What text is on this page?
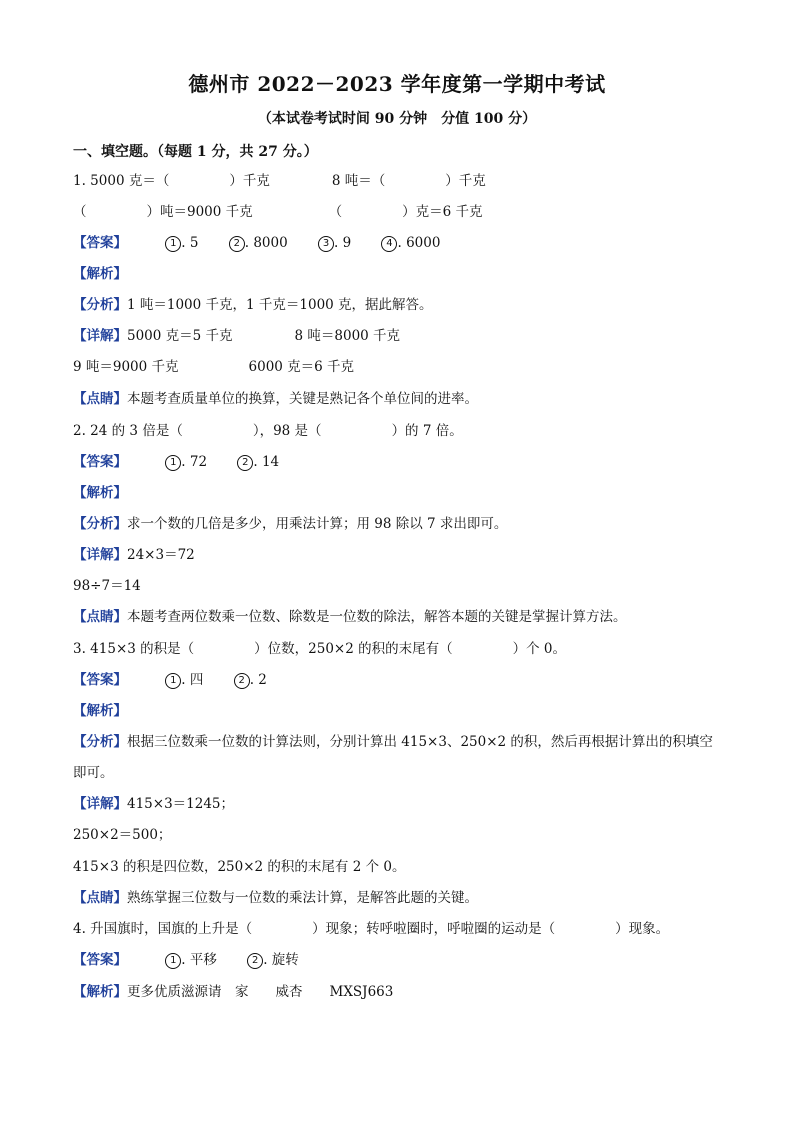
德州市 2022－2023 学年度第一学期中考试
（本试卷考试时间 90 分钟　分值 100 分）
一、填空题。（每题 1 分，共 27 分。）
1. 5000 克＝（	）千克	8 吨＝（	）千克
（	）吨＝9000 千克	（	）克＝6 千克
【答案】	1 . 5	2 . 8000	3 . 9	4 . 6000
【解析】
【分析】1 吨＝1000 千克，1 千克＝1000 克，据此解答。
【详解】5000 克＝5 千克	8 吨＝8000 千克
9 吨＝9000 千克	6000 克＝6 千克
【点睛】本题考查质量单位的换算，关键是熟记各个单位间的进率。
2. 24 的 3 倍是（	），98 是（	）的 7 倍。
【答案】	1 . 72	2 . 14
【解析】
【分析】求一个数的几倍是多少，用乘法计算；用 98 除以 7 求出即可。
【详解】24×3＝72
98÷7＝14
【点睛】本题考查两位数乘一位数、除数是一位数的除法，解答本题的关键是掌握计算方法。
3. 415×3 的积是（	）位数，250×2 的积的末尾有（	）个 0。
【答案】	1 . 四	2 . 2
【解析】
【分析】根据三位数乘一位数的计算法则，分别计算出 415×3、250×2 的积，然后再根据计算出的积填空
即可。
【详解】415×3＝1245；
250×2＝500；
415×3 的积是四位数，250×2 的积的末尾有 2 个 0。
【点睛】熟练掌握三位数与一位数的乘法计算，是解答此题的关键。
4. 升国旗时，国旗的上升是（	）现象；转呼啦圈时，呼啦圈的运动是（	）现象。
【答案】	1 . 平移	2 . 旋转
【解析】更多优质滋源请　家　　威杏　　MXSJ663
